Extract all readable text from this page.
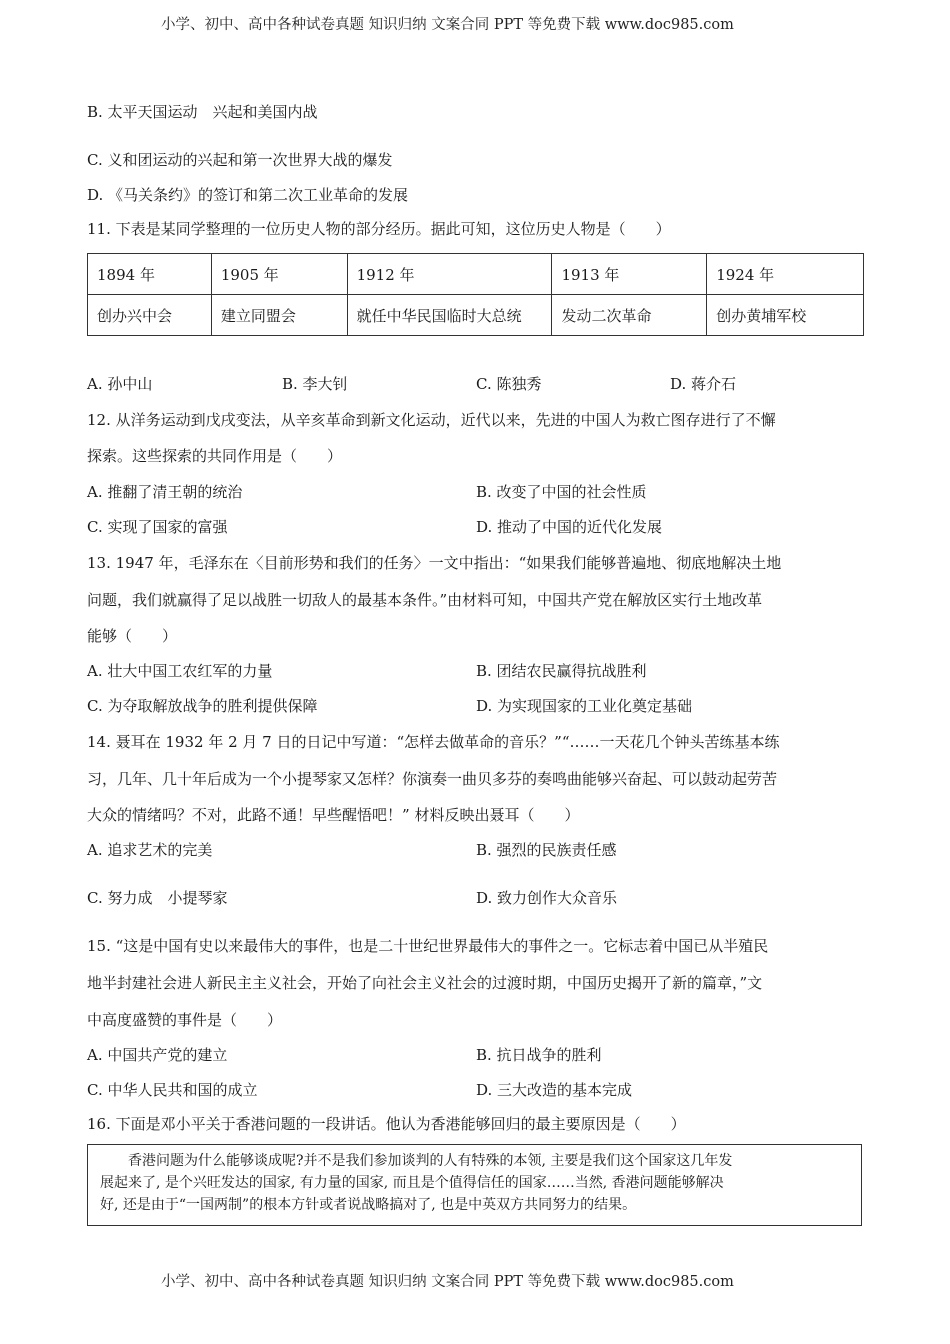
小学、初中、高中各种试卷真题 知识归纳 文案合同 PPT 等免费下载 www.doc985.com
B. 太平天国运动　兴起和美国内战
C. 义和团运动的兴起和第一次世界大战的爆发
D. 《马关条约》的签订和第二次工业革命的发展
11. 下表是某同学整理的一位历史人物的部分经历。据此可知，这位历史人物是（　　）
1894 年	1905 年	1912 年	1913 年	1924 年
创办兴中会	建立同盟会	就任中华民国临时大总统	发动二次革命	创办黄埔军校
A. 孙中山	B. 李大钊	C. 陈独秀	D. 蒋介石
12. 从洋务运动到戊戌变法，从辛亥革命到新文化运动，近代以来，先进的中国人为救亡图存进行了不懈
探索。这些探索的共同作用是（　　）
A. 推翻了清王朝的统治	B. 改变了中国的社会性质
C. 实现了国家的富强	D. 推动了中国的近代化发展
13. 1947 年，毛泽东在〈目前形势和我们的任务〉一文中指出：“如果我们能够普遍地、彻底地解决土地
问题，我们就赢得了足以战胜一切敌人的最基本条件。”由材料可知，中国共产党在解放区实行土地改革
能够（　　）
A. 壮大中国工农红军的力量	B. 团结农民赢得抗战胜利
C. 为夺取解放战争的胜利提供保障	D. 为实现国家的工业化奠定基础
14. 聂耳在 1932 年 2 月 7 日的日记中写道：“怎样去做革命的音乐？”“……一天花几个钟头苦练基本练
习，几年、几十年后成为一个小提琴家又怎样？你演奏一曲贝多芬的奏鸣曲能够兴奋起、可以鼓动起劳苦
大众的情绪吗？不对，此路不通！早些醒悟吧！” 材料反映出聂耳（　　）
A. 追求艺术的完美	B. 强烈的民族责任感
C. 努力成　小提琴家	D. 致力创作大众音乐
15. “这是中国有史以来最伟大的事件，也是二十世纪世界最伟大的事件之一。它标志着中国已从半殖民
地半封建社会进人新民主主义社会，开始了向社会主义社会的过渡时期，中国历史揭开了新的篇章，”文
中高度盛赞的事件是（　　）
A. 中国共产党的建立	B. 抗日战争的胜利
C. 中华人民共和国的成立	D. 三大改造的基本完成
16. 下面是邓小平关于香港问题的一段讲话。他认为香港能够回归的最主要原因是（　　）

　　香港问题为什么能够谈成呢?并不是我们参加谈判的人有特殊的本领, 主要是我们这个国家这几年发

展起来了, 是个兴旺发达的国家, 有力量的国家, 而且是个值得信任的国家……当然, 香港问题能够解决

好, 还是由于“一国两制”的根本方针或者说战略搞对了, 也是中英双方共同努力的结果。

小学、初中、高中各种试卷真题 知识归纳 文案合同 PPT 等免费下载 www.doc985.com
